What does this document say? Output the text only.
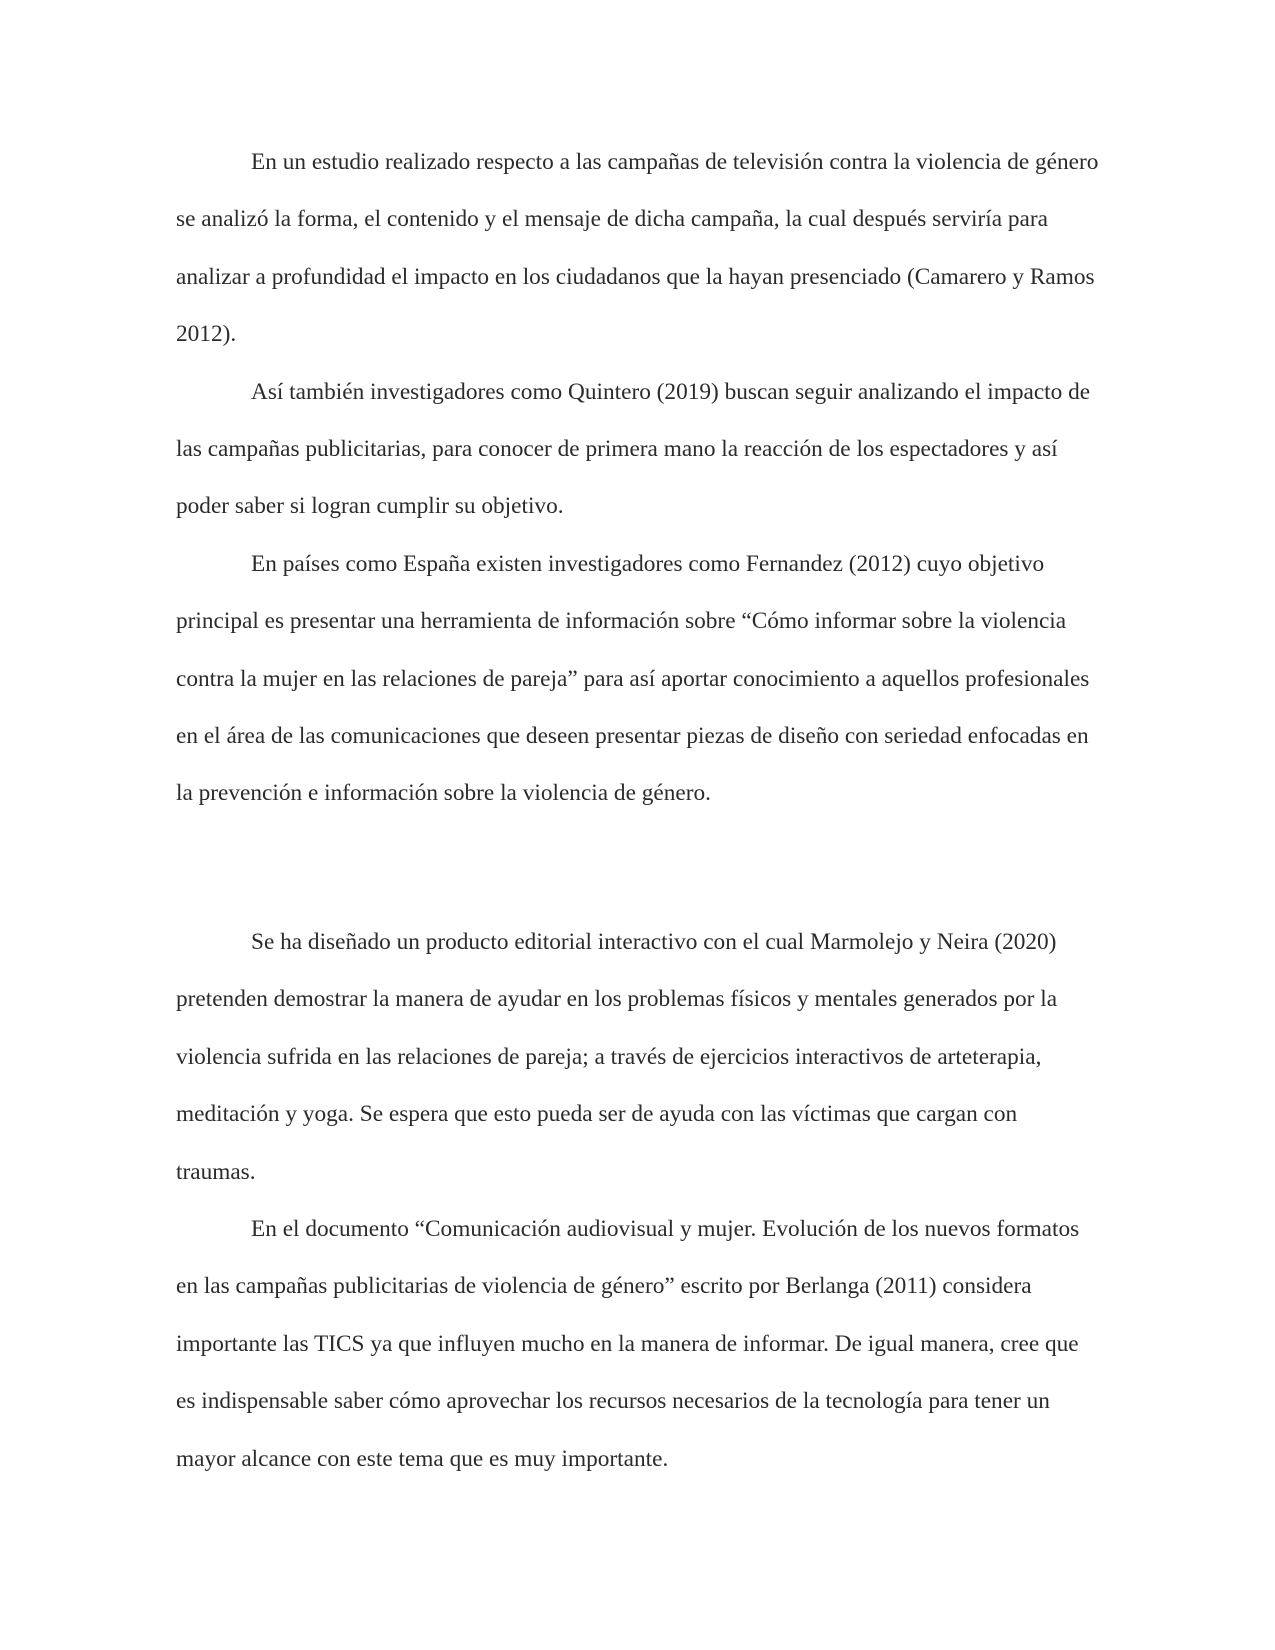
En un estudio realizado respecto a las campañas de televisión contra la violencia de género se analizó la forma, el contenido y el mensaje de dicha campaña, la cual después serviría para analizar a profundidad el impacto en los ciudadanos que la hayan presenciado (Camarero y Ramos 2012).

Así también investigadores como Quintero (2019) buscan seguir analizando el impacto de las campañas publicitarias, para conocer de primera mano la reacción de los espectadores y así poder saber si logran cumplir su objetivo.

En países como España existen investigadores como Fernandez (2012) cuyo objetivo principal es presentar una herramienta de información sobre “Cómo informar sobre la violencia contra la mujer en las relaciones de pareja” para así aportar conocimiento a aquellos profesionales en el área de las comunicaciones que deseen presentar piezas de diseño con seriedad enfocadas en la prevención e información sobre la violencia de género.

Se ha diseñado un producto editorial interactivo con el cual Marmolejo y Neira (2020) pretenden demostrar la manera de ayudar en los problemas físicos y mentales generados por la violencia sufrida en las relaciones de pareja; a través de ejercicios interactivos de arteterapia, meditación y yoga. Se espera que esto pueda ser de ayuda con las víctimas que cargan con traumas.

En el documento “Comunicación audiovisual y mujer. Evolución de los nuevos formatos en las campañas publicitarias de violencia de género” escrito por Berlanga (2011) considera importante las TICS ya que influyen mucho en la manera de informar. De igual manera, cree que es indispensable saber cómo aprovechar los recursos necesarios de la tecnología para tener un mayor alcance con este tema que es muy importante.
